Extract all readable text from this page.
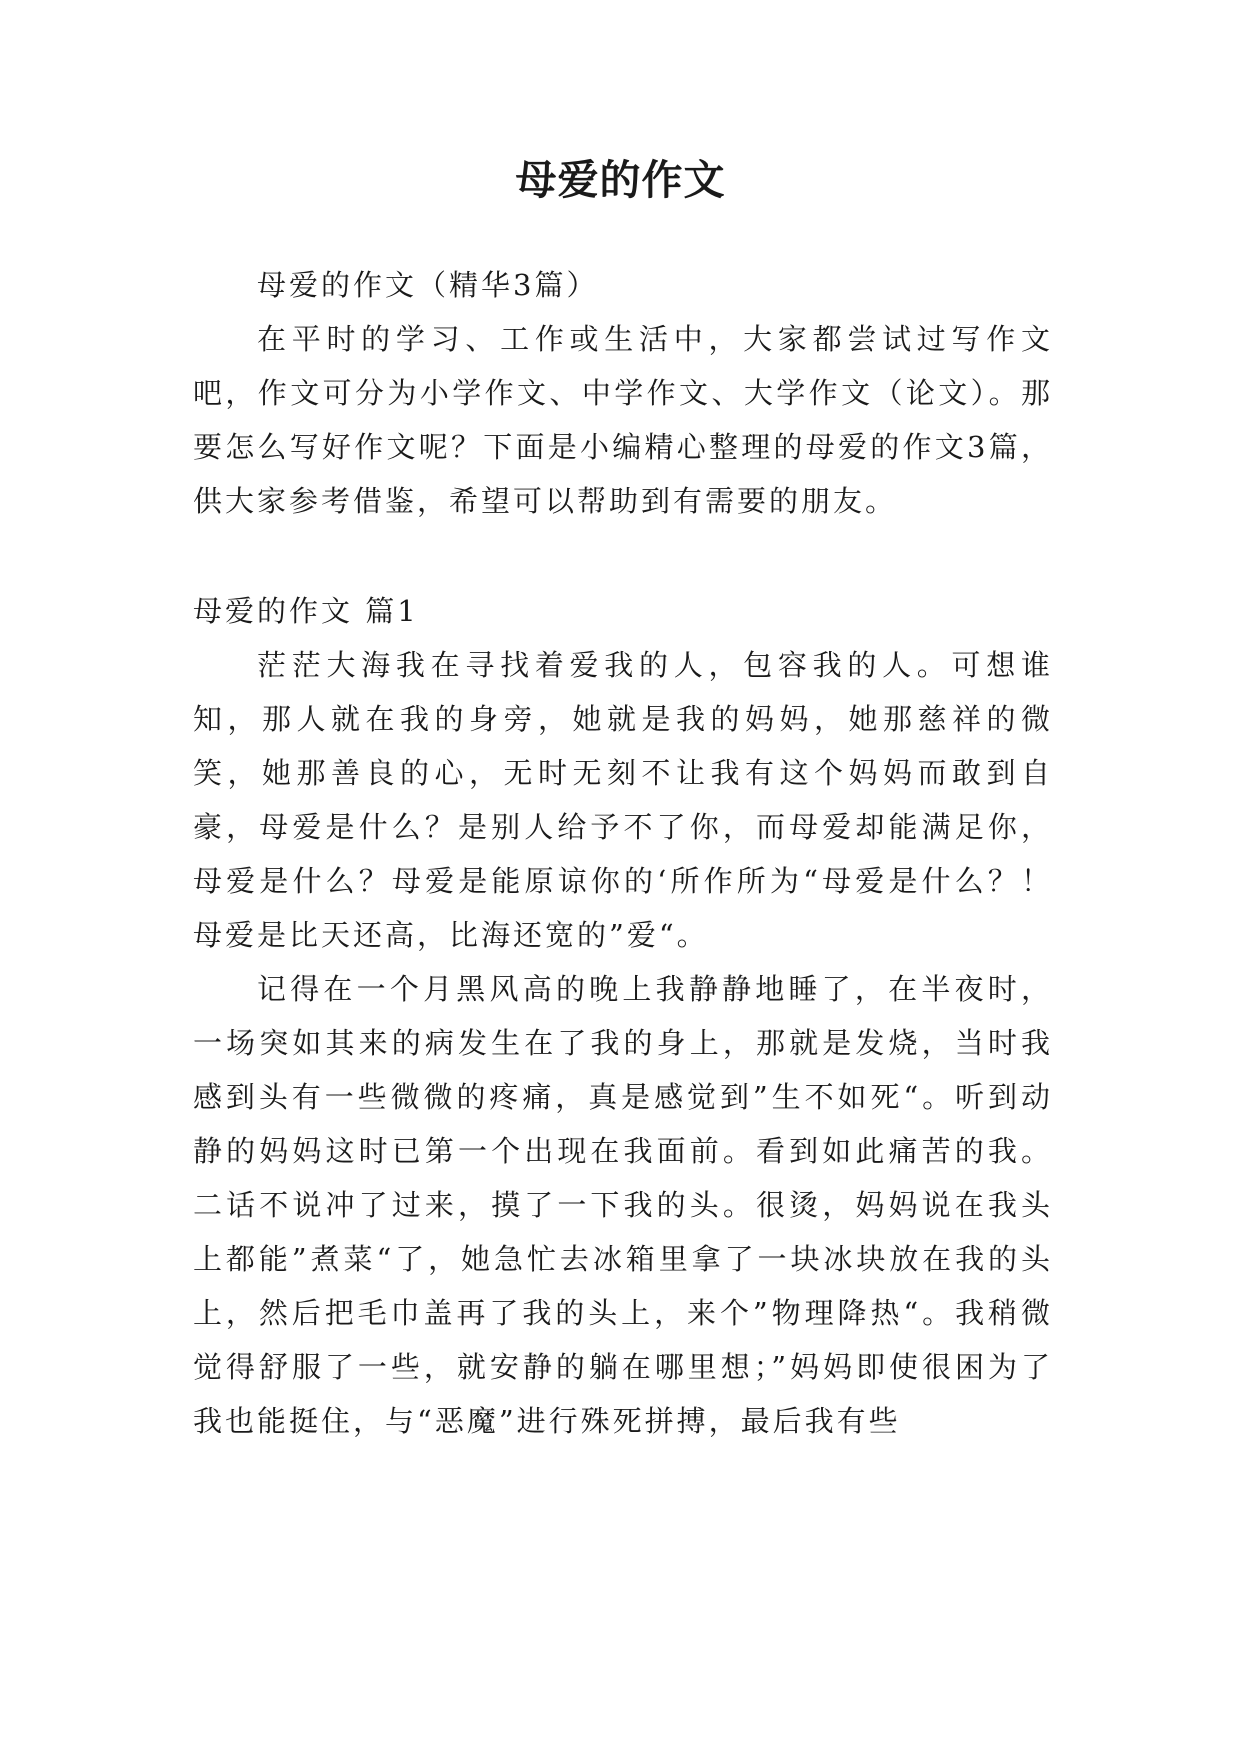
母爱的作文

母爱的作文（精华3篇）

在平时的学习、工作或生活中，大家都尝试过写作文吧，作文可分为小学作文、中学作文、大学作文（论文）。那要怎么写好作文呢？下面是小编精心整理的母爱的作文3篇，供大家参考借鉴，希望可以帮助到有需要的朋友。

母爱的作文 篇1

茫茫大海我在寻找着爱我的人，包容我的人。可想谁知，那人就在我的身旁，她就是我的妈妈，她那慈祥的微笑，她那善良的心，无时无刻不让我有这个妈妈而敢到自豪，母爱是什么？是别人给予不了你，而母爱却能满足你，母爱是什么？母爱是能原谅你的‘所作所为“母爱是什么？！母爱是比天还高，比海还宽的”爱“。

记得在一个月黑风高的晚上我静静地睡了，在半夜时，一场突如其来的病发生在了我的身上，那就是发烧，当时我感到头有一些微微的疼痛，真是感觉到”生不如死“。听到动静的妈妈这时已第一个出现在我面前。看到如此痛苦的我。二话不说冲了过来，摸了一下我的头。很烫，妈妈说在我头上都能”煮菜“了，她急忙去冰箱里拿了一块冰块放在我的头上，然后把毛巾盖再了我的头上，来个”物理降热“。我稍微觉得舒服了一些，就安静的躺在哪里想；”妈妈即使很困为了我也能挺住，与“恶魔”进行殊死拼搏，最后我有些
